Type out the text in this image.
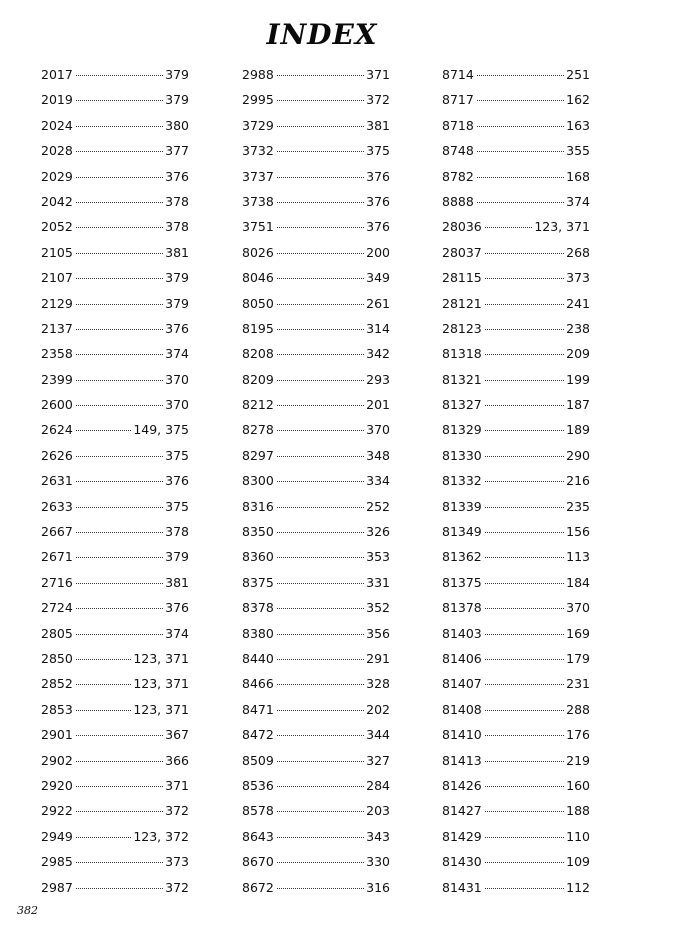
INDEX
2017	379
2019	379
2024	380
2028	377
2029	376
2042	378
2052	378
2105	381
2107	379
2129	379
2137	376
2358	374
2399	370
2600	370
2624	149, 375
2626	375
2631	376
2633	375
2667	378
2671	379
2716	381
2724	376
2805	374
2850	123, 371
2852	123, 371
2853	123, 371
2901	367
2902	366
2920	371
2922	372
2949	123, 372
2985	373
2987	372
2988	371
2995	372
3729	381
3732	375
3737	376
3738	376
3751	376
8026	200
8046	349
8050	261
8195	314
8208	342
8209	293
8212	201
8278	370
8297	348
8300	334
8316	252
8350	326
8360	353
8375	331
8378	352
8380	356
8440	291
8466	328
8471	202
8472	344
8509	327
8536	284
8578	203
8643	343
8670	330
8672	316
8714	251
8717	162
8718	163
8748	355
8782	168
8888	374
28036	123, 371
28037	268
28115	373
28121	241
28123	238
81318	209
81321	199
81327	187
81329	189
81330	290
81332	216
81339	235
81349	156
81362	113
81375	184
81378	370
81403	169
81406	179
81407	231
81408	288
81410	176
81413	219
81426	160
81427	188
81429	110
81430	109
81431	112
382
